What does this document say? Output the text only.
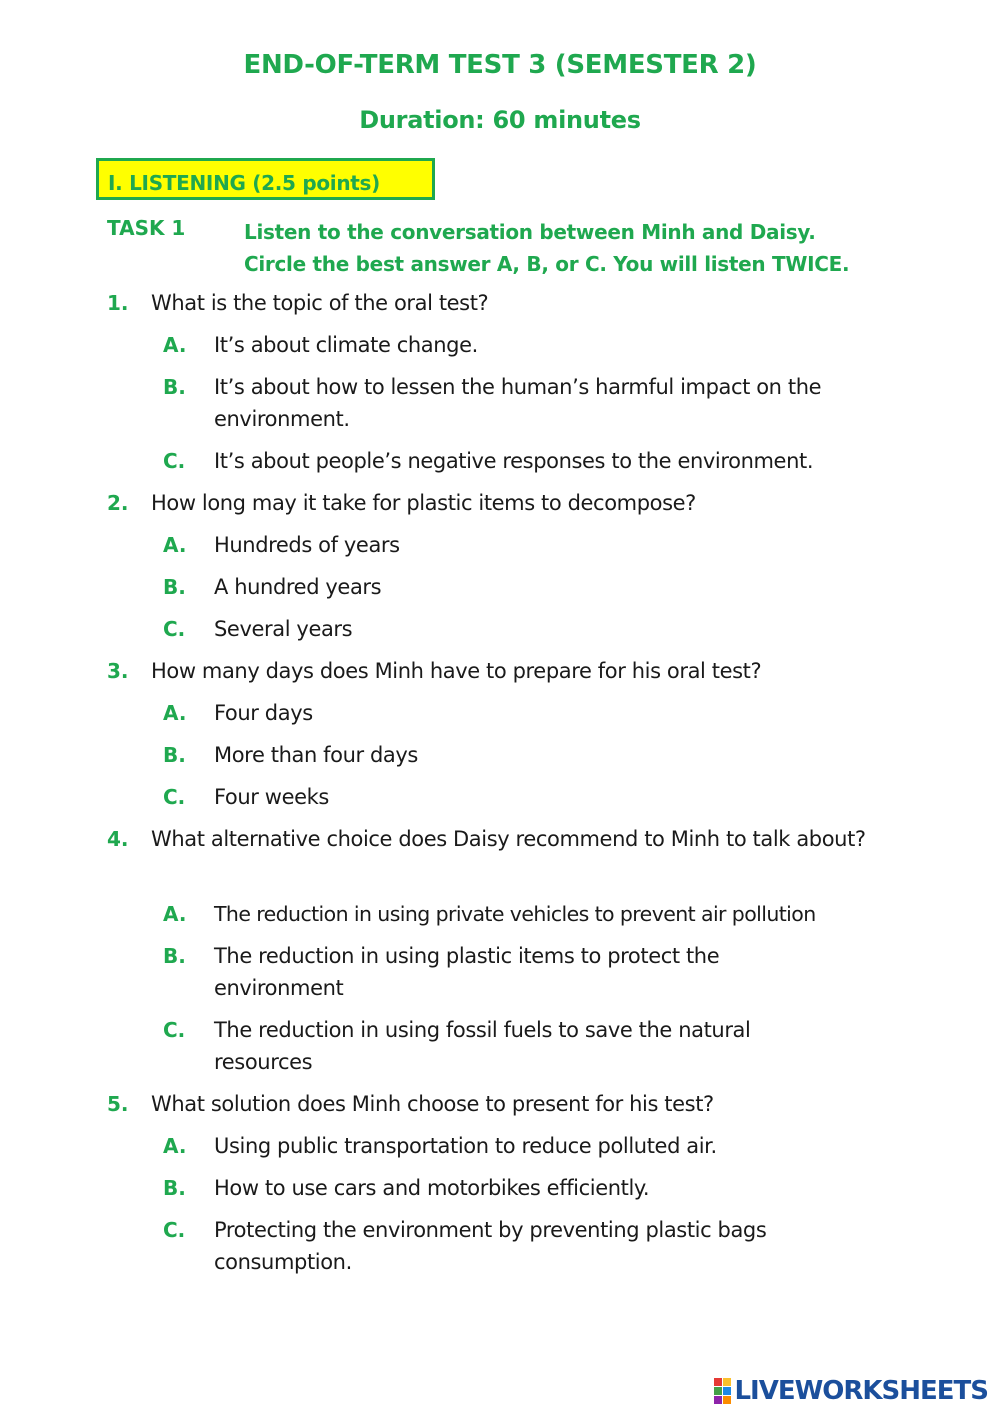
END-OF-TERM TEST 3 (SEMESTER 2)
Duration: 60 minutes
I. LISTENING (2.5 points)
TASK 1	Listen to the conversation between Minh and Daisy.
Circle the best answer A, B, or C. You will listen TWICE.
1. What is the topic of the oral test?
A. It’s about climate change.
B. It’s about how to lessen the human’s harmful impact on the environment.
C. It’s about people’s negative responses to the environment.
2. How long may it take for plastic items to decompose?
A. Hundreds of years
B. A hundred years
C. Several years
3. How many days does Minh have to prepare for his oral test?
A. Four days
B. More than four days
C. Four weeks
4. What alternative choice does Daisy recommend to Minh to talk about?
A. The reduction in using private vehicles to prevent air pollution
B. The reduction in using plastic items to protect the environment
C. The reduction in using fossil fuels to save the natural resources
5. What solution does Minh choose to present for his test?
A. Using public transportation to reduce polluted air.
B. How to use cars and motorbikes efficiently.
C. Protecting the environment by preventing plastic bags consumption.
LIVEWORKSHEETS
